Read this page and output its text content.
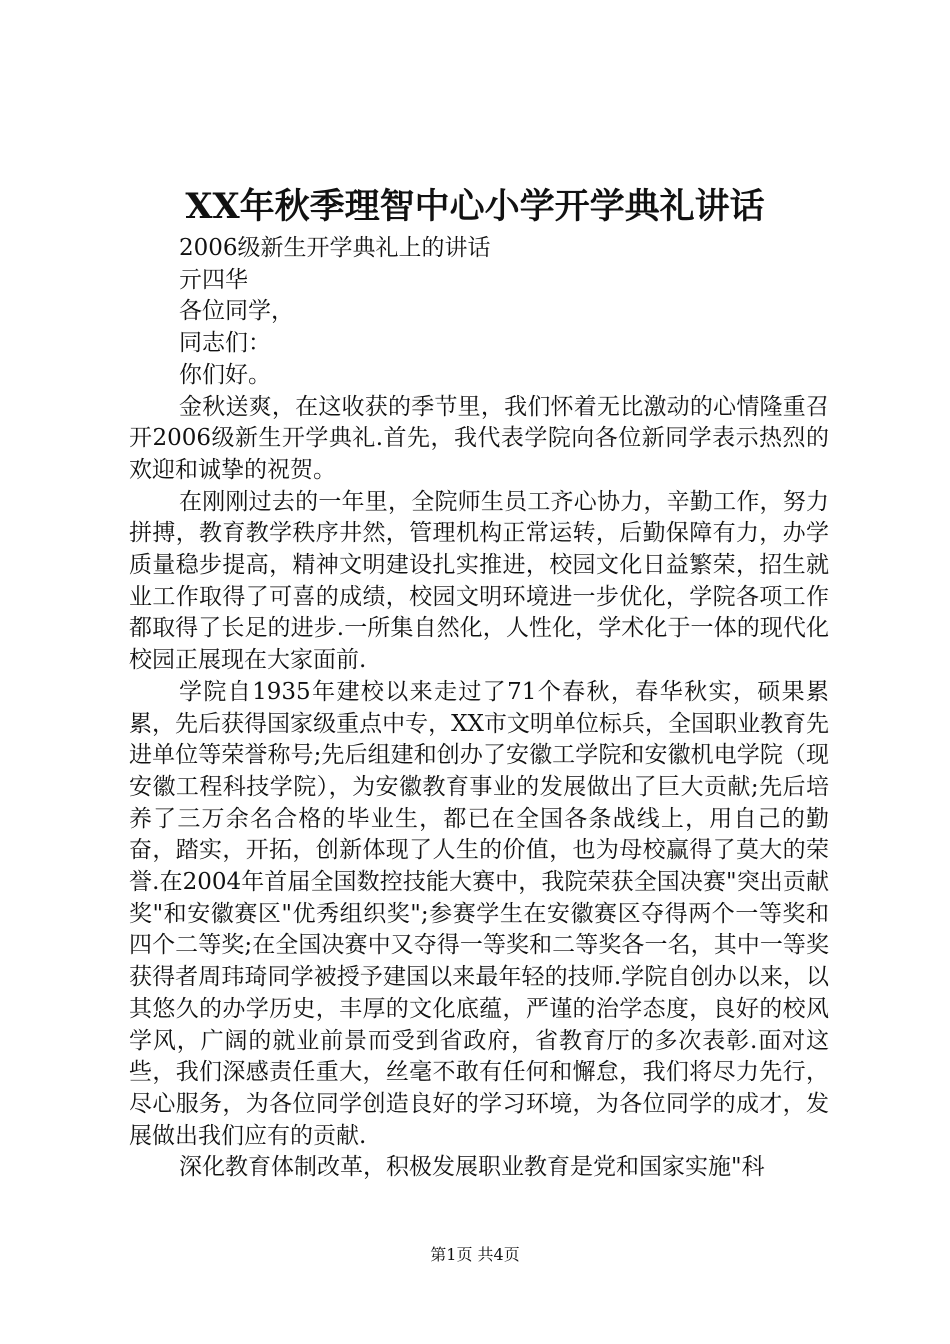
XX年秋季理智中心小学开学典礼讲话

2006级新生开学典礼上的讲话

亓四华

各位同学，

同志们：

你们好。

金秋送爽，在这收获的季节里，我们怀着无比激动的心情隆重召开2006级新生开学典礼.首先，我代表学院向各位新同学表示热烈的欢迎和诚挚的祝贺。

在刚刚过去的一年里，全院师生员工齐心协力，辛勤工作，努力拼搏，教育教学秩序井然，管理机构正常运转，后勤保障有力，办学质量稳步提高，精神文明建设扎实推进，校园文化日益繁荣，招生就业工作取得了可喜的成绩，校园文明环境进一步优化，学院各项工作都取得了长足的进步.一所集自然化，人性化，学术化于一体的现代化校园正展现在大家面前.

学院自1935年建校以来走过了71个春秋，春华秋实，硕果累累，先后获得国家级重点中专，XX市文明单位标兵，全国职业教育先进单位等荣誉称号;先后组建和创办了安徽工学院和安徽机电学院（现安徽工程科技学院），为安徽教育事业的发展做出了巨大贡献;先后培养了三万余名合格的毕业生，都已在全国各条战线上，用自己的勤奋，踏实，开拓，创新体现了人生的价值，也为母校赢得了莫大的荣誉.在2004年首届全国数控技能大赛中，我院荣获全国决赛"突出贡献奖"和安徽赛区"优秀组织奖";参赛学生在安徽赛区夺得两个一等奖和四个二等奖;在全国决赛中又夺得一等奖和二等奖各一名，其中一等奖获得者周玮琦同学被授予建国以来最年轻的技师.学院自创办以来，以其悠久的办学历史，丰厚的文化底蕴，严谨的治学态度，良好的校风学风，广阔的就业前景而受到省政府，省教育厅的多次表彰.面对这些，我们深感责任重大，丝毫不敢有任何和懈怠，我们将尽力先行，尽心服务，为各位同学创造良好的学习环境，为各位同学的成才，发展做出我们应有的贡献.

深化教育体制改革，积极发展职业教育是党和国家实施"科

第1页 共4页
